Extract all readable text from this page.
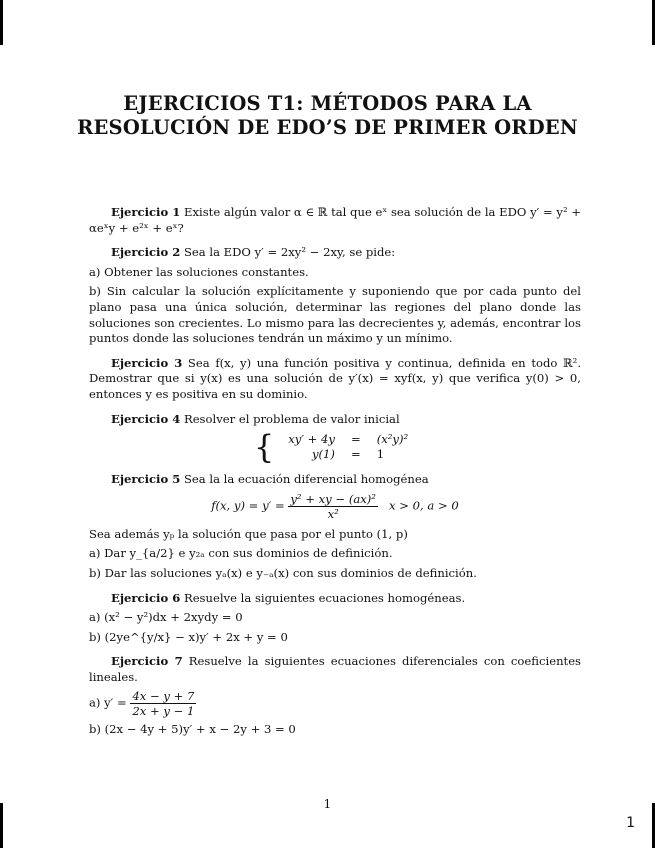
EJERCICIOS T1: MÉTODOS PARA LA
RESOLUCIÓN DE EDO’S DE PRIMER ORDEN

Ejercicio 1 Existe algún valor α ∈ ℝ tal que eˣ sea solución de la EDO y′ = y² + αeˣy + e²ˣ + eˣ?

Ejercicio 2 Sea la EDO y′ = 2xy² − 2xy, se pide:

a) Obtener las soluciones constantes.

b) Sin calcular la solución explícitamente y suponiendo que por cada punto del plano pasa una única solución, determinar las regiones del plano donde las soluciones son crecientes. Lo mismo para las decrecientes y, además, encontrar los puntos donde las soluciones tendrán un máximo y un mínimo.

Ejercicio 3 Sea f(x, y) una función positiva y continua, definida en todo ℝ². Demostrar que si y(x) es una solución de y′(x) = xyf(x, y) que verifica y(0) > 0, entonces y es positiva en su dominio.

Ejercicio 4 Resolver el problema de valor inicial

{ xy′ + 4y	=	(x²y)²
y(1)	=	1

Ejercicio 5 Sea la la ecuación diferencial homogénea

f(x, $y) = y' = \frac{\text{y² + xy − (ax)²}}{\text{x²}}$ x > 0, a > 0

Sea además yₚ la solución que pasa por el punto (1, p)

a) Dar y_{a/2} e y₂ₐ con sus dominios de definición.

b) Dar las soluciones yₐ(x) e y₋ₐ(x) con sus dominios de definición.

Ejercicio 6 Resuelve la siguientes ecuaciones homogéneas.

a) (x² − y²)dx + 2xydy = 0

b) (2ye^{y/x} − x)y′ + 2x + y = 0

Ejercicio 7 Resuelve la siguientes ecuaciones diferenciales con coeficientes lineales.

a) $y' = \frac{4x - y + 7}{2x + y - 1}$

b) (2x − 4y + 5)y′ + x − 2y + 3 = 0

1
1
